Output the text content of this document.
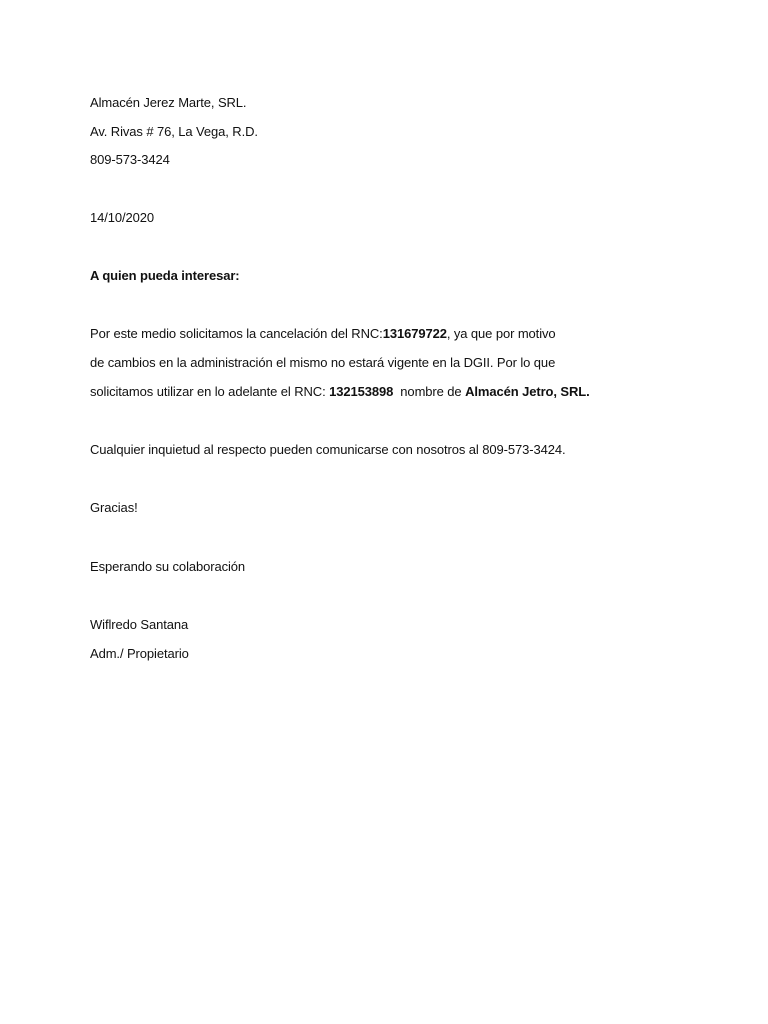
Almacén Jerez Marte, SRL.
Av. Rivas # 76, La Vega, R.D.
809-573-3424
14/10/2020
A quien pueda interesar:
Por este medio solicitamos la cancelación del RNC:131679722, ya que por motivo
de cambios en la administración el mismo no estará vigente en la DGII. Por lo que
solicitamos utilizar en lo adelante el RNC: 132153898  nombre de Almacén Jetro, SRL.
Cualquier inquietud al respecto pueden comunicarse con nosotros al 809-573-3424.
Gracias!
Esperando su colaboración
Wiflredo Santana
Adm./ Propietario
